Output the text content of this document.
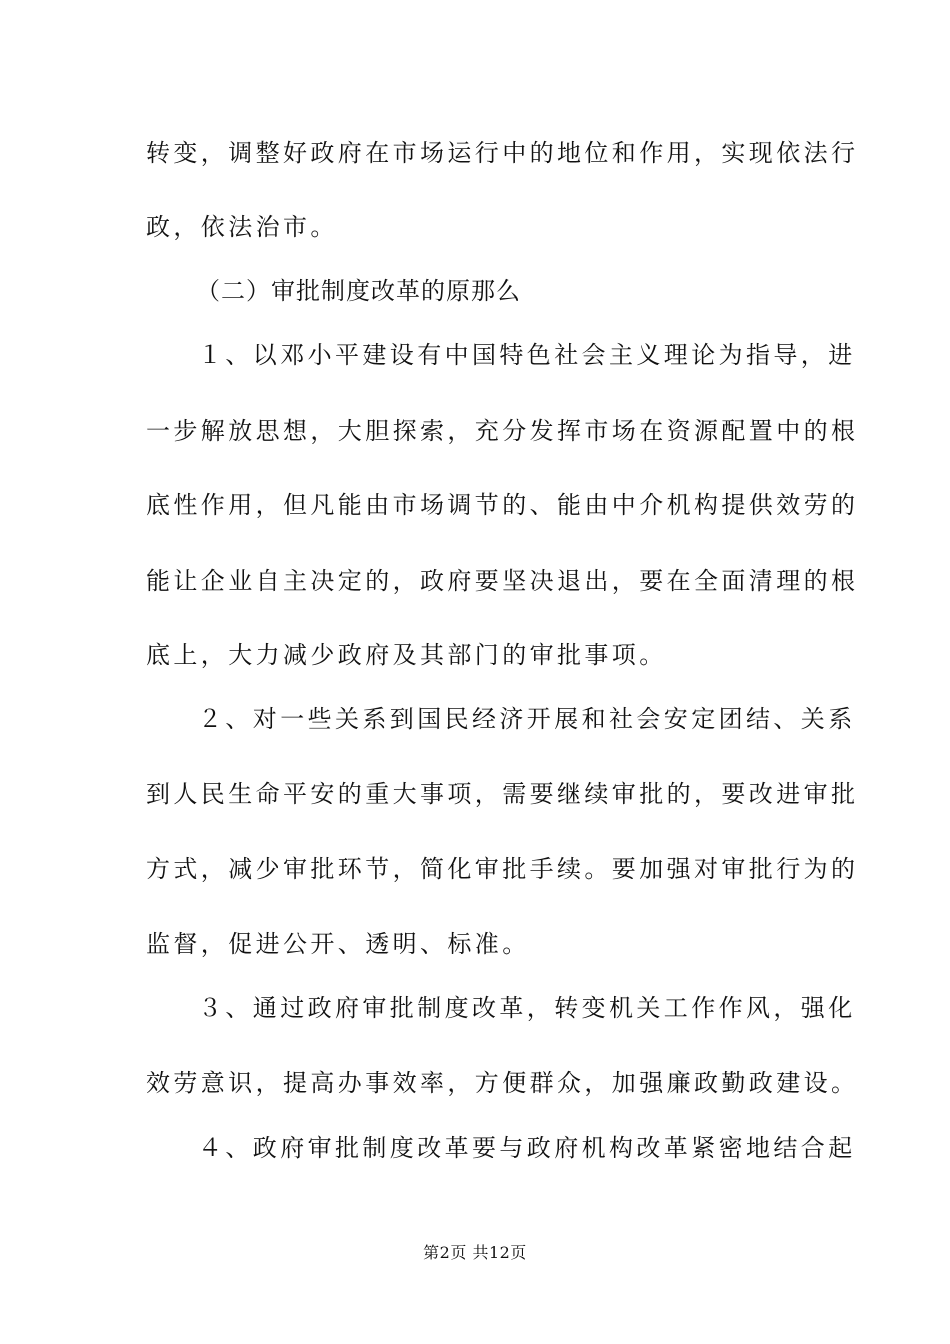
转变，调整好政府在市场运行中的地位和作用，实现依法行
政，依法治市。
（二）审批制度改革的原那么
１、以邓小平建设有中国特色社会主义理论为指导，进
一步解放思想，大胆探索，充分发挥市场在资源配置中的根
底性作用，但凡能由市场调节的、能由中介机构提供效劳的
能让企业自主决定的，政府要坚决退出，要在全面清理的根
底上，大力减少政府及其部门的审批事项。
２、对一些关系到国民经济开展和社会安定团结、关系
到人民生命平安的重大事项，需要继续审批的，要改进审批
方式，减少审批环节，简化审批手续。要加强对审批行为的
监督，促进公开、透明、标准。
３、通过政府审批制度改革，转变机关工作作风，强化
效劳意识，提高办事效率，方便群众，加强廉政勤政建设。
４、政府审批制度改革要与政府机构改革紧密地结合起
第2页 共12页
